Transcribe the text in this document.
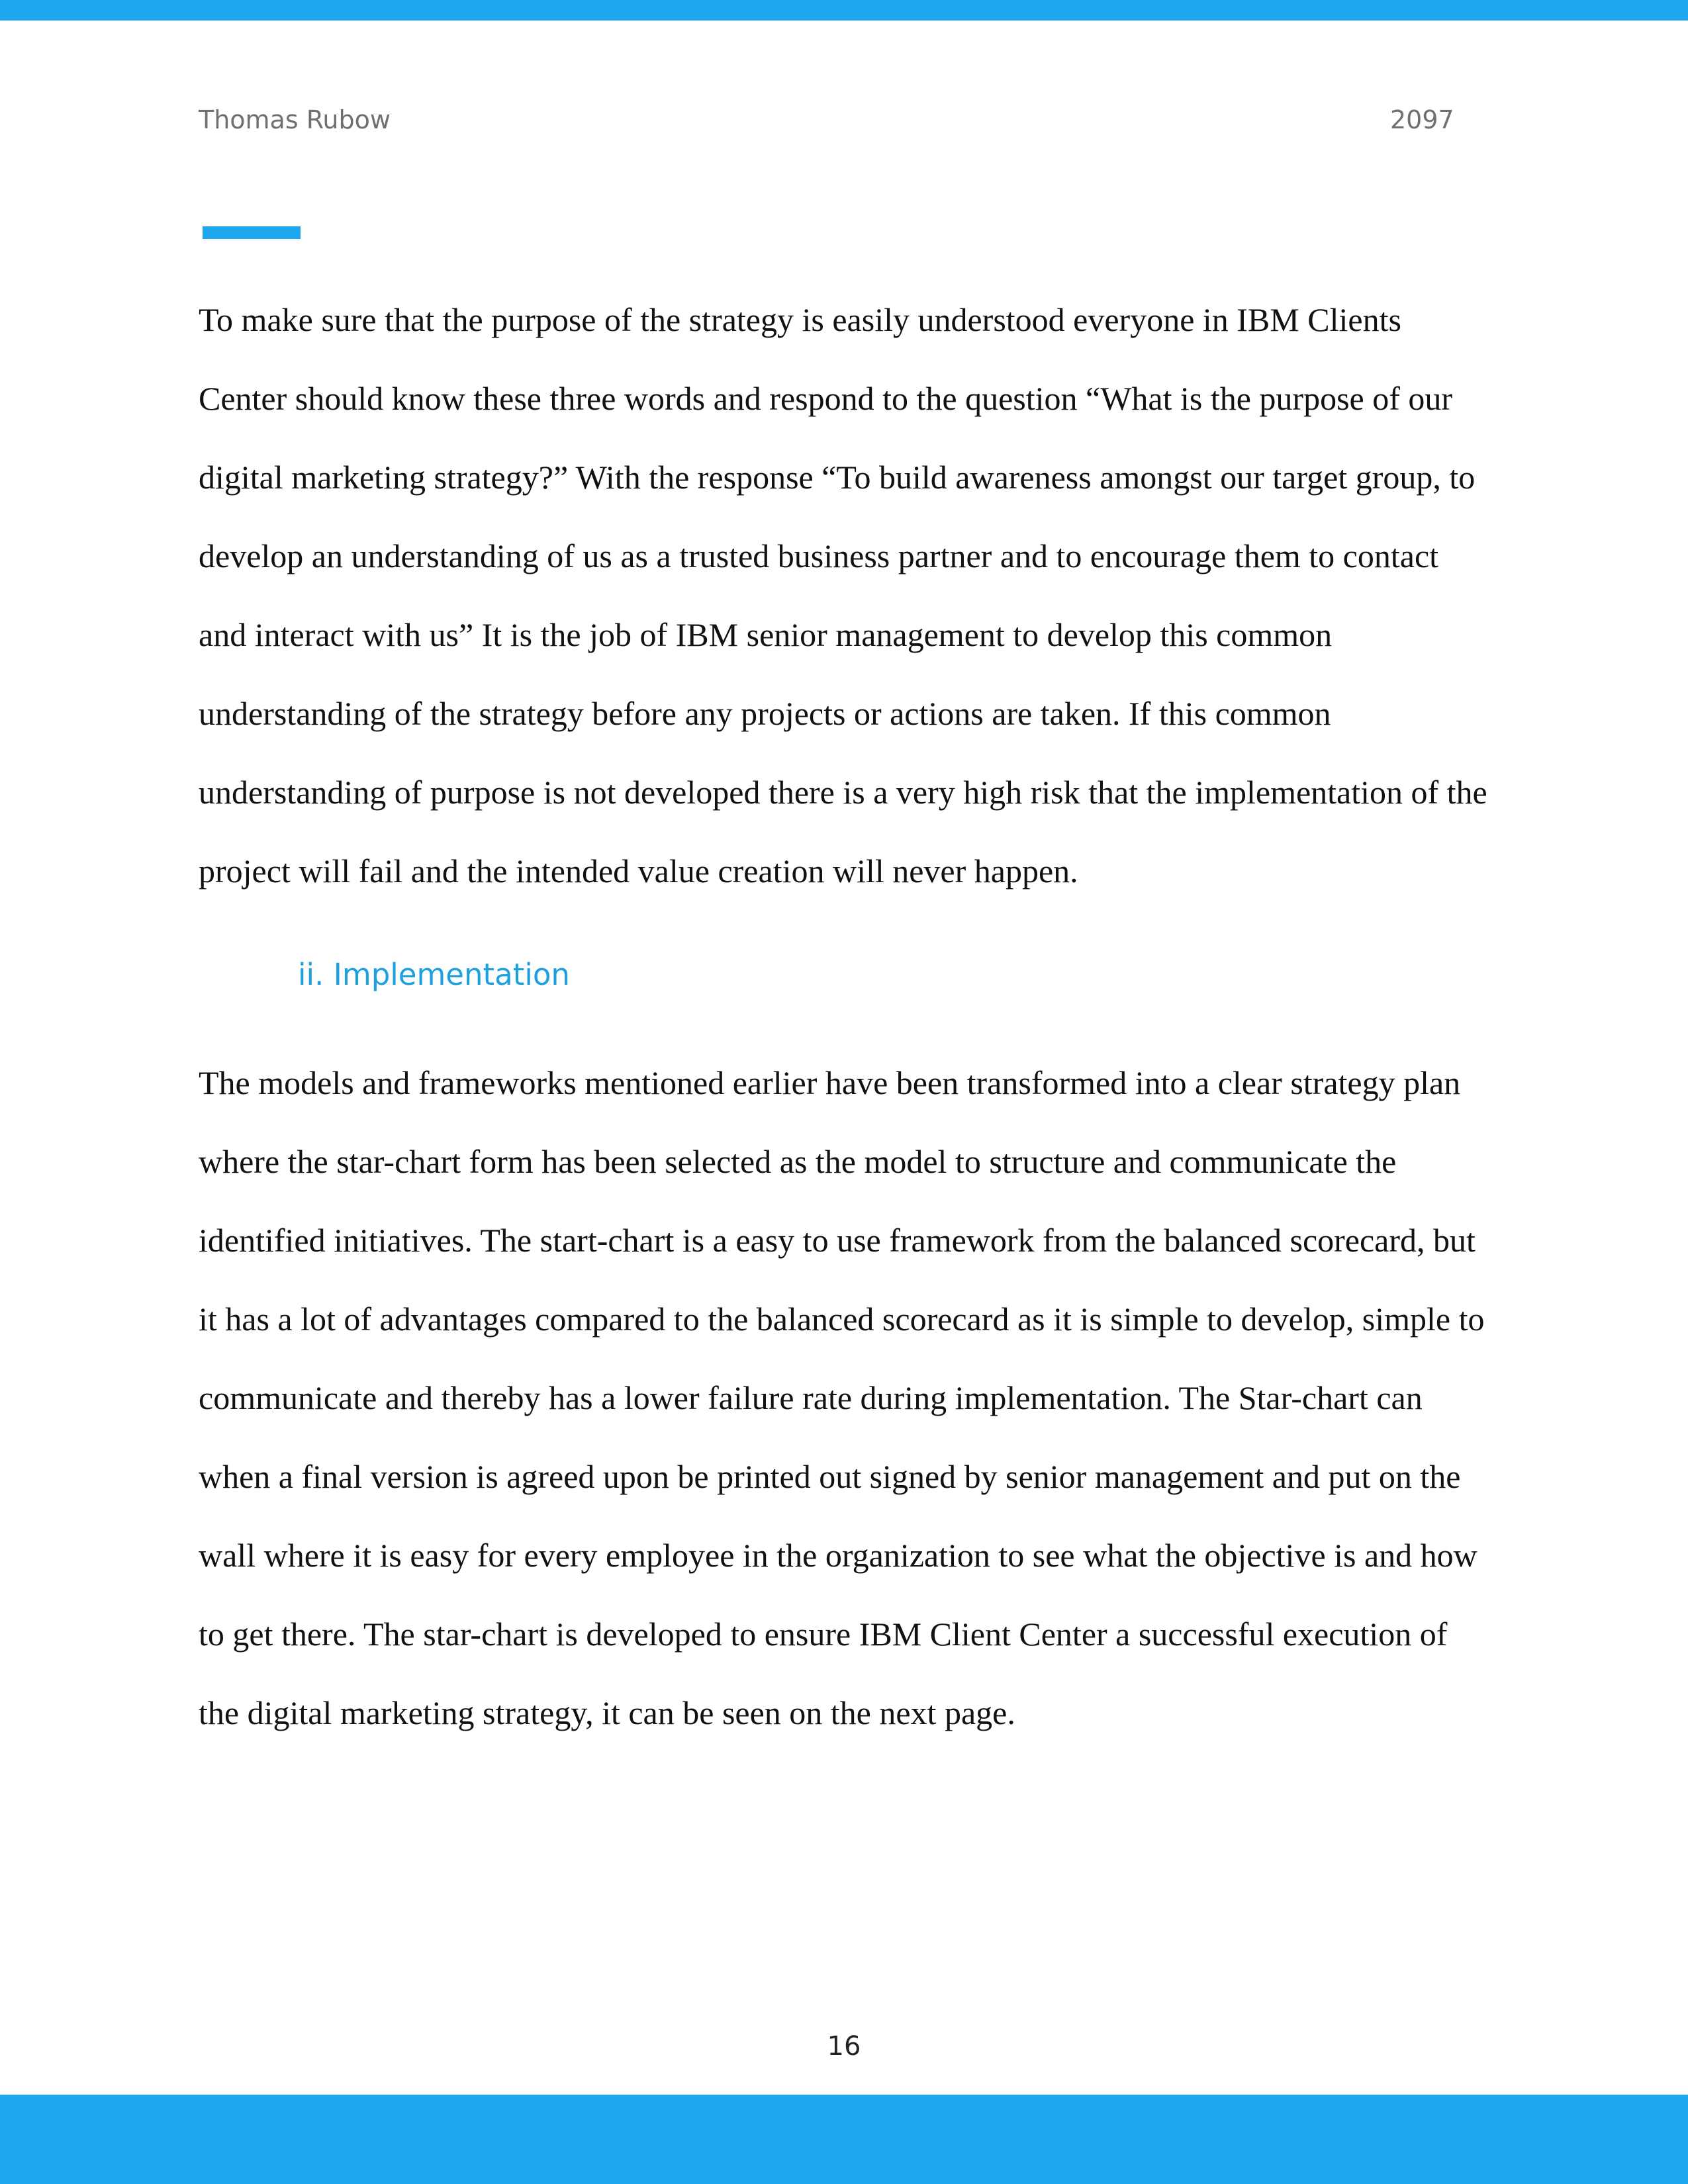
Thomas Rubow	2097
To make sure that the purpose of the strategy is easily understood everyone in IBM Clients
Center should know these three words and respond to the question “What is the purpose of our
digital marketing strategy?” With the response “To build awareness amongst our target group, to
develop an understanding of us as a trusted business partner and to encourage them to contact
and interact with us” It is the job of IBM senior management to develop this common
understanding of the strategy before any projects or actions are taken. If this common
understanding of purpose is not developed there is a very high risk that the implementation of the
project will fail and the intended value creation will never happen.
ii. Implementation
The models and frameworks mentioned earlier have been transformed into a clear strategy plan
where the star-chart form has been selected as the model to structure and communicate the
identified initiatives. The start-chart is a easy to use framework from the balanced scorecard, but
it has a lot of advantages compared to the balanced scorecard as it is simple to develop, simple to
communicate and thereby has a lower failure rate during implementation. The Star-chart can
when a final version is agreed upon be printed out signed by senior management and put on the
wall where it is easy for every employee in the organization to see what the objective is and how
to get there. The star-chart is developed to ensure IBM Client Center a successful execution of
the digital marketing strategy, it can be seen on the next page.
16
